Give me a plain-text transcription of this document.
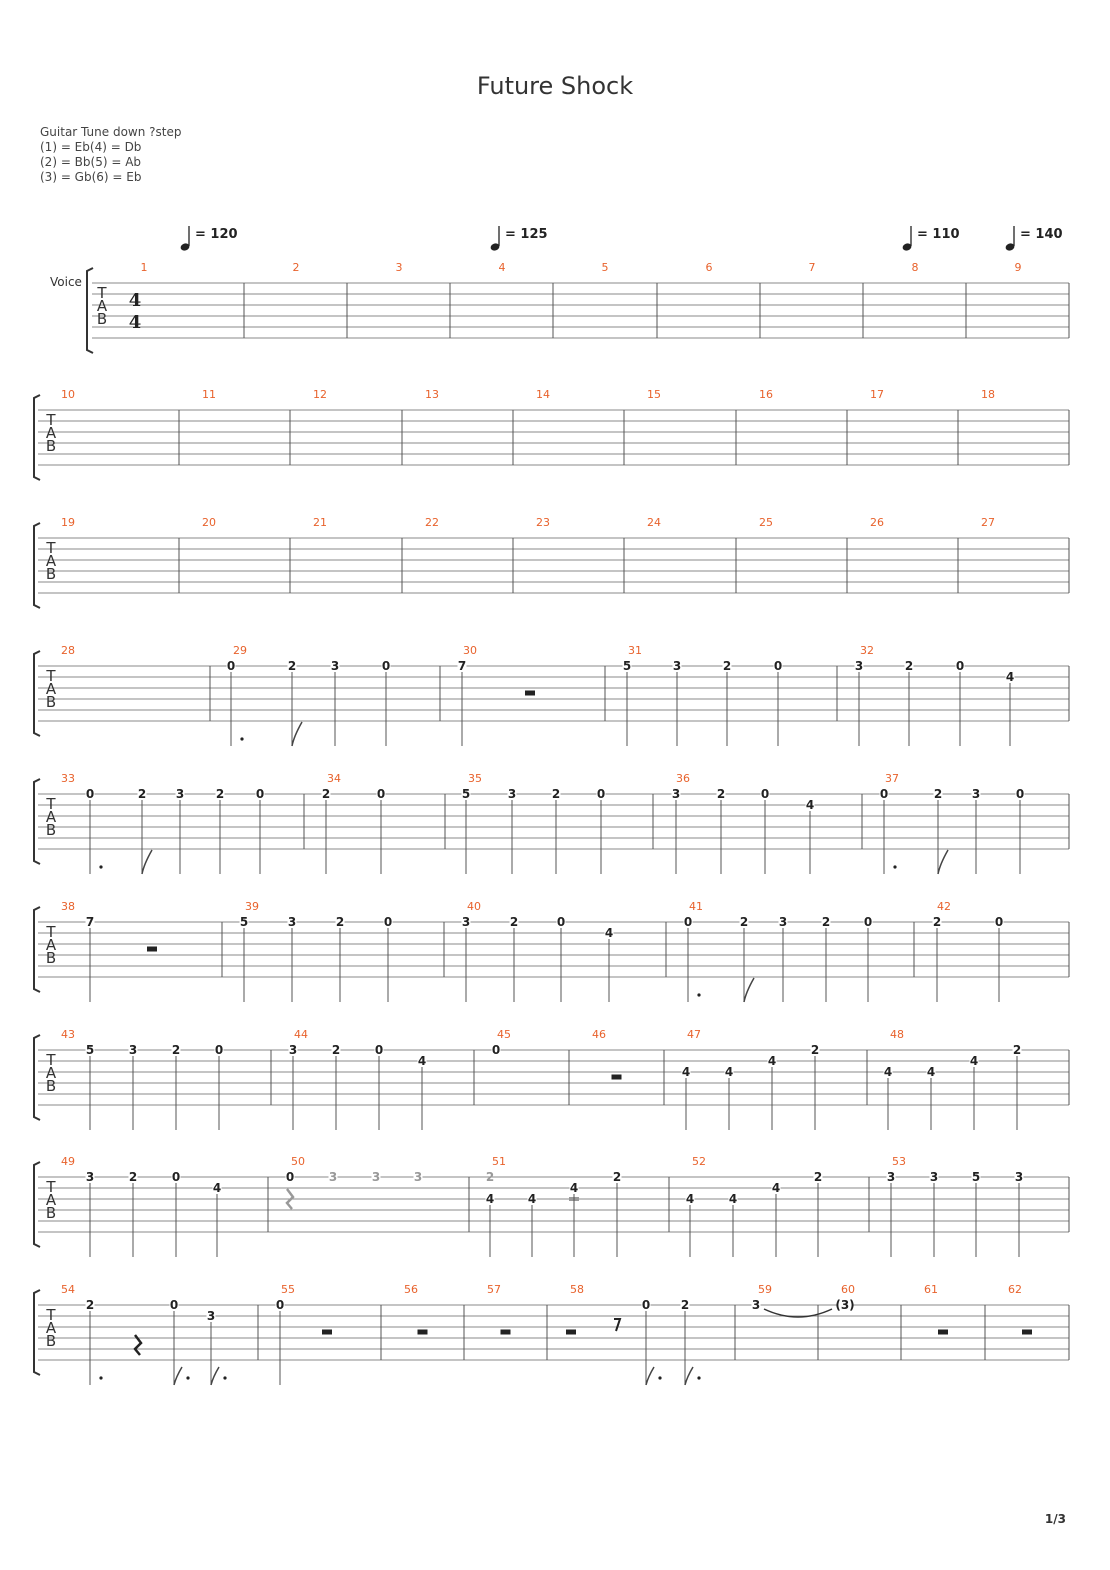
Future Shock
Guitar Tune down ?step
(1) = Eb(4) = Db
(2) = Bb(5) = Ab
(3) = Gb(6) = Eb
T
A
B
1	2	3	4	5	6	7	8	9
T
A
B
10	11	12	13	14	15	16	17	18
T
A
B
19	20	21	22	23	24	25	26	27
T
A
B
28	29
0	2	3	0
30
7
31
5	3	2	0
32
3	2	0
4
T
A
B
33
0	2 3	2	0
34
2	0
35
5	3	2	0
36
3	2	0
4
37
0	2 3	0
T
A
B
38
7
39
5	3	2	0
40
3	2	0
4
41
0	2	3	2	0
42
2	0
T
A
B
43
5	3	2	0
44
3	2	0
4
45
0
46	47
4	4
4
2
48
4	4
4
2
T
A
B
49
3	2	0
4
50
0	3	3	3
51
4
2
4
4
2
52
4	4
4
2
53
3	3	5	3
T
A
B
54
2	0
3
55
0
56	57	58
0	2
59
3
60
(3)
61	62
Voice
4
4
= 120	= 125	= 110	= 140
1/3
